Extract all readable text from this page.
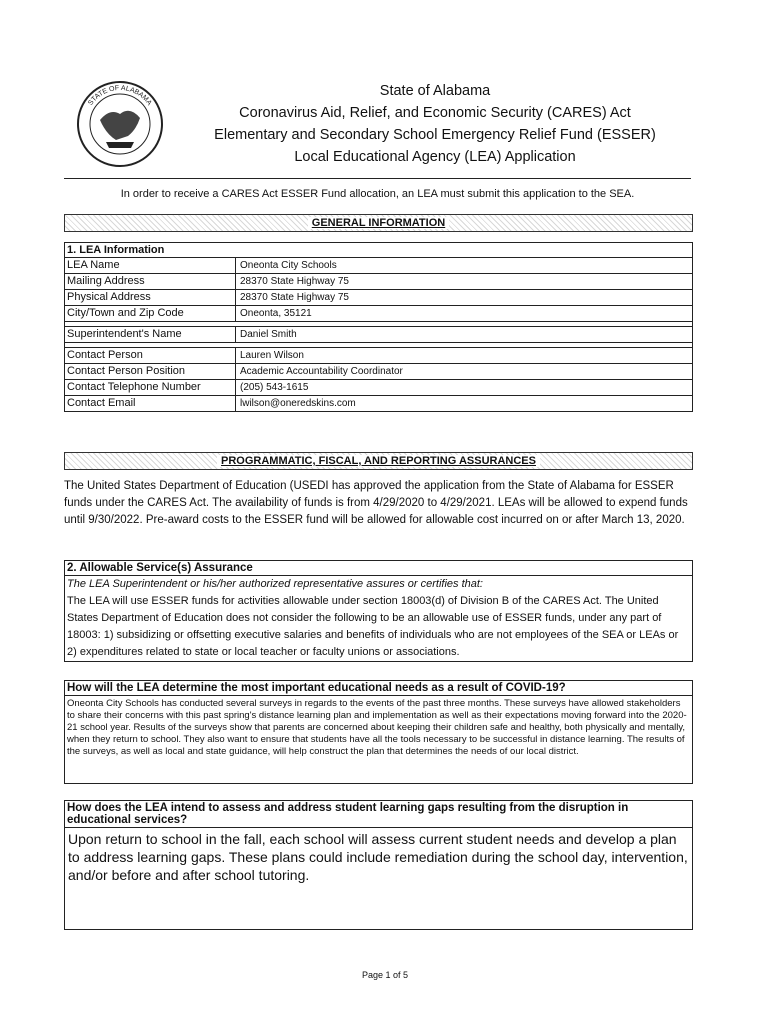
STATE OF ALABAMA
State of Alabama
Coronavirus Aid, Relief, and Economic Security (CARES) Act
Elementary and Secondary School Emergency Relief Fund (ESSER)
Local Educational Agency (LEA) Application
In order to receive a CARES Act ESSER Fund allocation, an LEA must submit this application to the SEA.
GENERAL INFORMATION
1. LEA Information
LEA Name	Oneonta City Schools
Mailing Address	28370 State Highway 75
Physical Address	28370 State Highway 75
City/Town and Zip Code	Oneonta, 35121
Superintendent's Name	Daniel Smith
Contact Person	Lauren Wilson
Contact Person Position	Academic Accountability Coordinator
Contact Telephone Number	(205) 543-1615
Contact Email	lwilson@oneredskins.com
PROGRAMMATIC, FISCAL, AND REPORTING ASSURANCES
The United States Department of Education (USEDI has approved the application from the State of Alabama for ESSER funds under the CARES Act. The availability of funds is from 4/29/2020 to 4/29/2021. LEAs will be allowed to expend funds until 9/30/2022. Pre-award costs to the ESSER fund will be allowed for allowable cost incurred on or after March 13, 2020.
2. Allowable Service(s) Assurance
The LEA Superintendent or his/her authorized representative assures or certifies that:
The LEA will use ESSER funds for activities allowable under section 18003(d) of Division B of the CARES Act. The United States Department of Education does not consider the following to be an allowable use of ESSER funds, under any part of 18003: 1) subsidizing or offsetting executive salaries and benefits of individuals who are not employees of the SEA or LEAs or 2) expenditures related to state or local teacher or faculty unions or associations.
How will the LEA determine the most important educational needs as a result of COVID-19?
Oneonta City Schools has conducted several surveys in regards to the events of the past three months. These surveys have allowed stakeholders to share their concerns with this past spring's distance learning plan and implementation as well as their expectations moving forward into the 2020-21 school year. Results of the surveys show that parents are concerned about keeping their children safe and healthy, both physically and mentally, when they return to school. They also want to ensure that students have all the tools necessary to be successful in distance learning. The results of the surveys, as well as local and state guidance, will help construct the plan that determines the needs of our local district.
How does the LEA intend to assess and address student learning gaps resulting from the disruption in educational services?
Upon return to school in the fall, each school will assess current student needs and develop a plan to address learning gaps. These plans could include remediation during the school day, intervention, and/or before and after school tutoring.
Page 1 of 5
